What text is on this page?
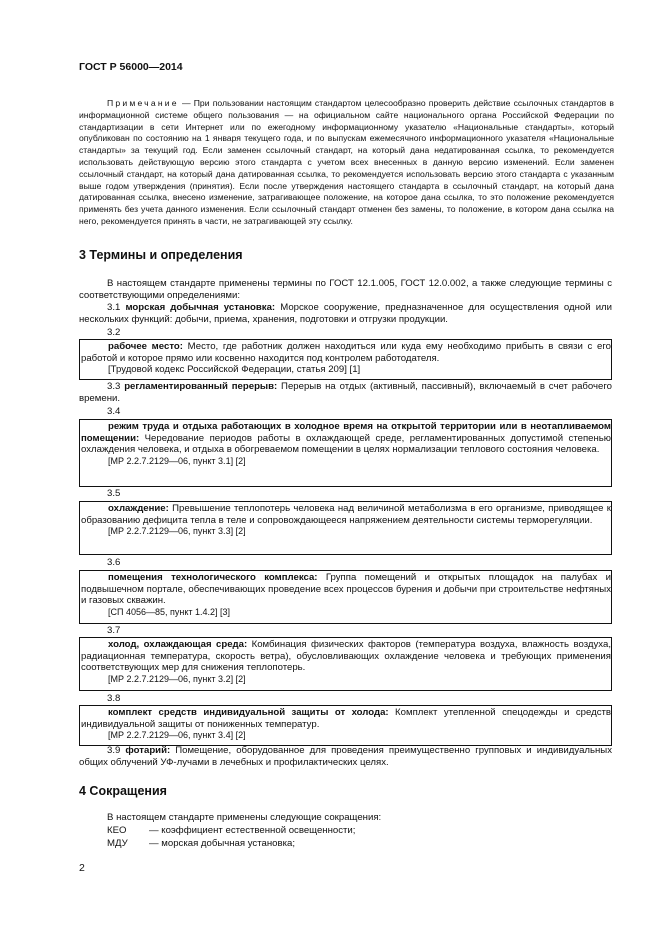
ГОСТ Р 56000—2014
Примечание — При пользовании настоящим стандартом целесообразно проверить действие ссылочных стандартов в информационной системе общего пользования — на официальном сайте национального органа Российской Федерации по стандартизации в сети Интернет или по ежегодному информационному указателю «Национальные стандарты», который опубликован по состоянию на 1 января текущего года, и по выпускам ежемесячного информационного указателя «Национальные стандарты» за текущий год. Если заменен ссылочный стандарт, на который дана недатированная ссылка, то рекомендуется использовать действующую версию этого стандарта с учетом всех внесенных в данную версию изменений. Если заменен ссылочный стандарт, на который дана датированная ссылка, то рекомендуется использовать версию этого стандарта с указанным выше годом утверждения (принятия). Если после утверждения настоящего стандарта в ссылочный стандарт, на который дана датированная ссылка, внесено изменение, затрагивающее положение, на которое дана ссылка, то это положение рекомендуется применять без учета данного изменения. Если ссылочный стандарт отменен без замены, то положение, в котором дана ссылка на него, рекомендуется принять в части, не затрагивающей эту ссылку.
3 Термины и определения
В настоящем стандарте применены термины по ГОСТ 12.1.005, ГОСТ 12.0.002, а также следующие термины с соответствующими определениями:
3.1 морская добычная установка: Морское сооружение, предназначенное для осуществления одной или нескольких функций: добычи, приема, хранения, подготовки и отгрузки продукции.
3.2

рабочее место: Место, где работник должен находиться или куда ему необходимо прибыть в связи с его работой и которое прямо или косвенно находится под контролем работодателя.

[Трудовой кодекс Российской Федерации, статья 209] [1]

3.3 регламентированный перерыв: Перерыв на отдых (активный, пассивный), включаемый в счет рабочего времени.
3.4

режим труда и отдыха работающих в холодное время на открытой территории или в неотапливаемом помещении: Чередование периодов работы в охлаждающей среде, регламентированных допустимой степенью охлаждения человека, и отдыха в обогреваемом помещении в целях нормализации теплового состояния человека.

[МР 2.2.7.2129—06, пункт 3.1] [2]

3.5

охлаждение: Превышение теплопотерь человека над величиной метаболизма в его организме, приводящее к образованию дефицита тепла в теле и сопровождающееся напряжением деятельности системы терморегуляции.

[МР 2.2.7.2129—06, пункт 3.3] [2]

3.6

помещения технологического комплекса: Группа помещений и открытых площадок на палубах и подвышечном портале, обеспечивающих проведение всех процессов бурения и добычи при строительстве нефтяных и газовых скважин.

[СП 4056—85, пункт 1.4.2] [3]

3.7

холод, охлаждающая среда: Комбинация физических факторов (температура воздуха, влажность воздуха, радиационная температура, скорость ветра), обусловливающих охлаждение человека и требующих применения соответствующих мер для снижения теплопотерь.

[МР 2.2.7.2129—06, пункт 3.2] [2]

3.8

комплект средств индивидуальной защиты от холода: Комплект утепленной спецодежды и средств индивидуальной защиты от пониженных температур.

[МР 2.2.7.2129—06, пункт 3.4] [2]

3.9 фотарий: Помещение, оборудованное для проведения преимущественно групповых и индивидуальных общих облучений УФ-лучами в лечебных и профилактических целях.
4 Сокращения
В настоящем стандарте применены следующие сокращения:
КЕО — коэффициент естественной освещенности;
МДУ — морская добычная установка;
2
